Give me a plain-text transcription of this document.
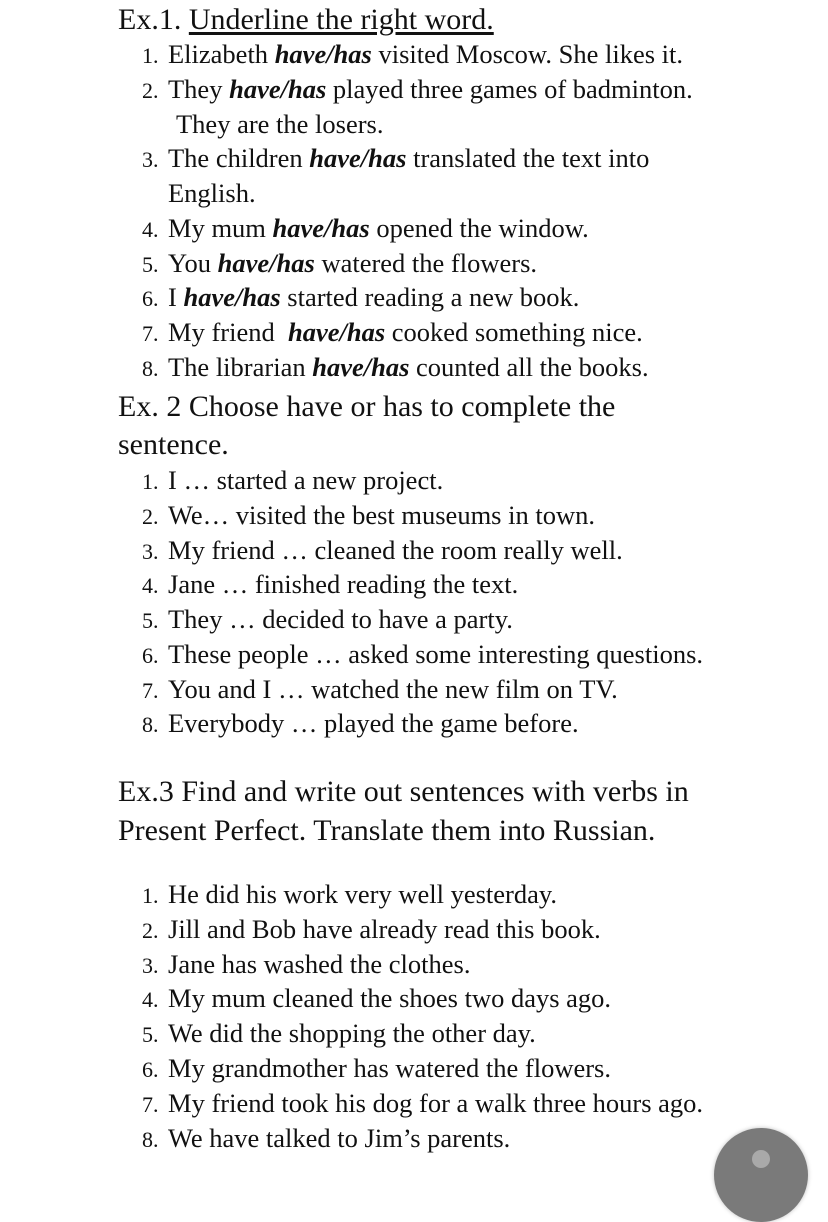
Ex.1. Underline the right word.
1. Elizabeth have/has visited Moscow. She likes it.
2. They have/has played three games of badminton.
They are the losers.
3. The children have/has translated the text into
English.
4. My mum have/has opened the window.
5. You have/has watered the flowers.
6. I have/has started reading a new book.
7. My friend  have/has cooked something nice.
8. The librarian have/has counted all the books.
Ex. 2 Choose have or has to complete the
sentence.
1. I … started a new project.
2. We… visited the best museums in town.
3. My friend … cleaned the room really well.
4. Jane … finished reading the text.
5. They … decided to have a party.
6. These people … asked some interesting questions.
7. You and I … watched the new film on TV.
8. Everybody … played the game before.
Ex.3 Find and write out sentences with verbs in
Present Perfect. Translate them into Russian.
1. He did his work very well yesterday.
2. Jill and Bob have already read this book.
3. Jane has washed the clothes.
4. My mum cleaned the shoes two days ago.
5. We did the shopping the other day.
6. My grandmother has watered the flowers.
7. My friend took his dog for a walk three hours ago.
8. We have talked to Jim’s parents.
